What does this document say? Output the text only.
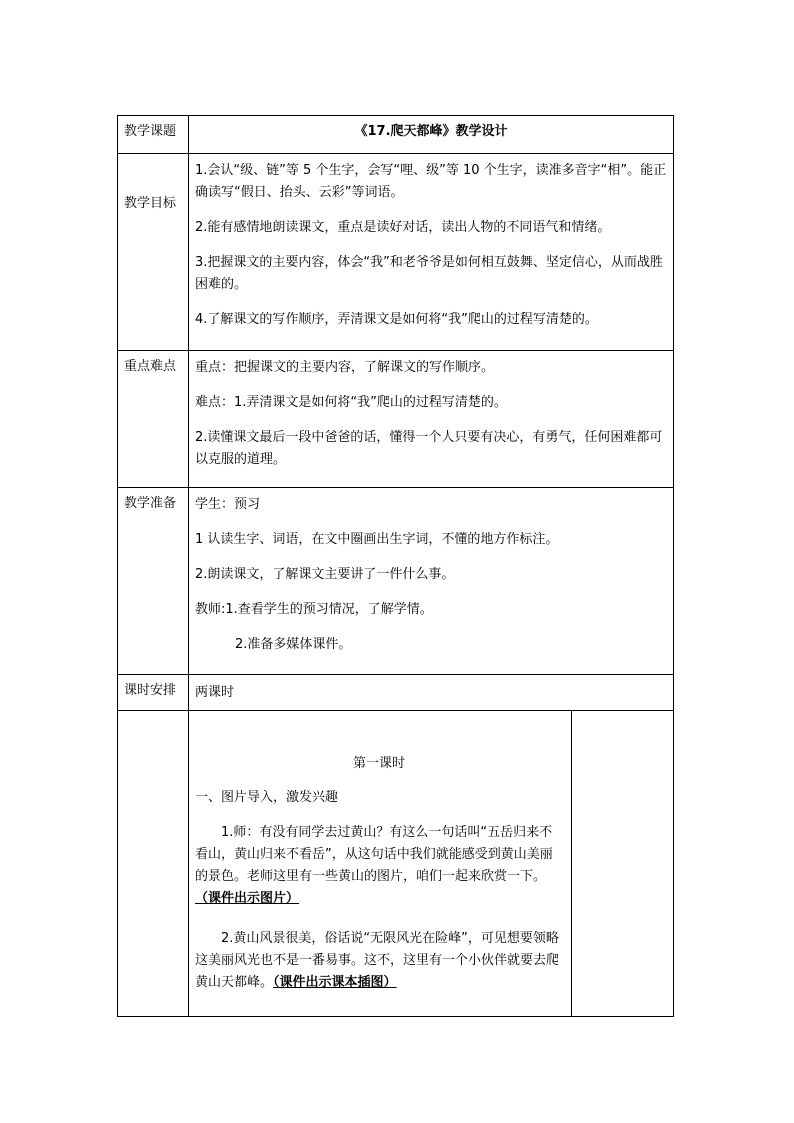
教学课题	《17.爬天都峰》教学设计	
教学目标	1.会认“级、链”等 5 个生字，会写“哩、级”等 10 个生字，读准多音字“相”。能正确读写“假日、抬头、云彩”等词语。

2.能有感情地朗读课文，重点是读好对话，读出人物的不同语气和情绪。

3.把握课文的主要内容，体会“我”和老爷爷是如何相互鼓舞、坚定信心，从而战胜困难的。

4.了解课文的写作顺序，弄清课文是如何将“我”爬山的过程写清楚的。	

重点难点	重点：把握课文的主要内容，了解课文的写作顺序。

难点：1.弄清课文是如何将“我”爬山的过程写清楚的。

2.读懂课文最后一段中爸爸的话，懂得一个人只要有决心，有勇气，任何困难都可以克服的道理。	

教学准备	学生：预习

1 认读生字、词语，在文中圈画出生字词，不懂的地方作标注。

2.朗读课文，了解课文主要讲了一件什么事。

教师:1.查看学生的预习情况，了解学情。

2.准备多媒体课件。	

课时安排	两课时	

	第一课时

一、图片导入，激发兴趣

1.师：有没有同学去过黄山？有这么一句话叫“五岳归来不看山，黄山归来不看岳”，从这句话中我们就能感受到黄山美丽的景色。老师这里有一些黄山的图片，咱们一起来欣赏一下。（课件出示图片）

2.黄山风景很美，俗话说“无限风光在险峰”，可见想要领略这美丽风光也不是一番易事。这不，这里有一个小伙伴就要去爬黄山天都峰。（课件出示课本插图）	
